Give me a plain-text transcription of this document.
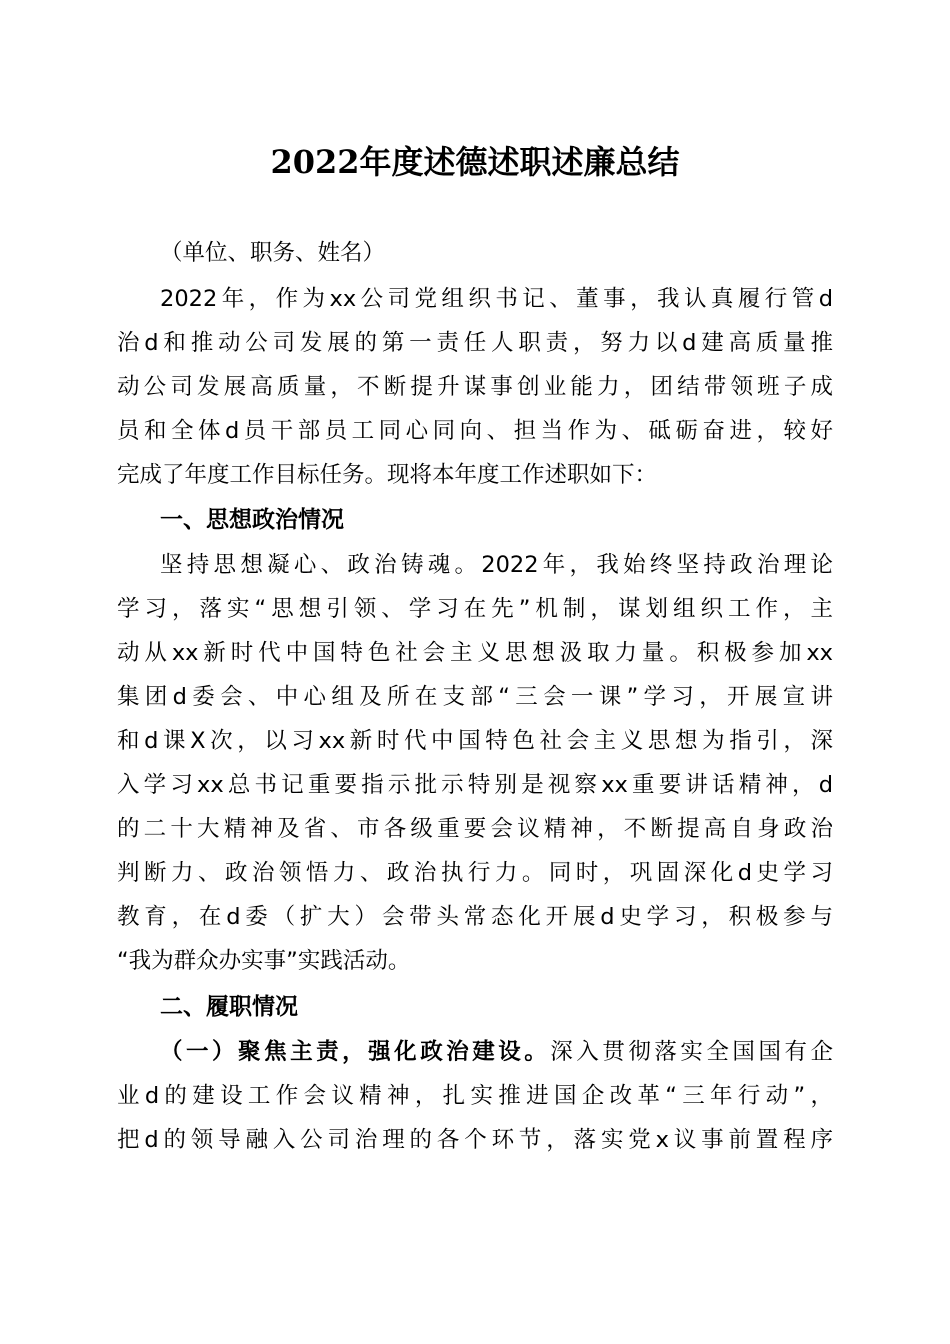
2022年度述德述职述廉总结
（单位、职务、姓名）
2022年，作为xx公司党组织书记、董事，我认真履行管d
治d和推动公司发展的第一责任人职责，努力以d建高质量推
动公司发展高质量，不断提升谋事创业能力，团结带领班子成
员和全体d员干部员工同心同向、担当作为、砥砺奋进，较好
完成了年度工作目标任务。现将本年度工作述职如下：
一、思想政治情况
坚持思想凝心、政治铸魂。2022年，我始终坚持政治理论
学习，落实“思想引领、学习在先”机制，谋划组织工作，主
动从xx新时代中国特色社会主义思想汲取力量。积极参加xx
集团d委会、中心组及所在支部“三会一课”学习，开展宣讲
和d课X次，以习xx新时代中国特色社会主义思想为指引，深
入学习xx总书记重要指示批示特别是视察xx重要讲话精神，d
的二十大精神及省、市各级重要会议精神，不断提高自身政治
判断力、政治领悟力、政治执行力。同时，巩固深化d史学习
教育，在d委（扩大）会带头常态化开展d史学习，积极参与
“我为群众办实事”实践活动。
二、履职情况
（一）聚焦主责，强化政治建设。深入贯彻落实全国国有企
业d的建设工作会议精神，扎实推进国企改革“三年行动”，
把d的领导融入公司治理的各个环节，落实党x议事前置程序
